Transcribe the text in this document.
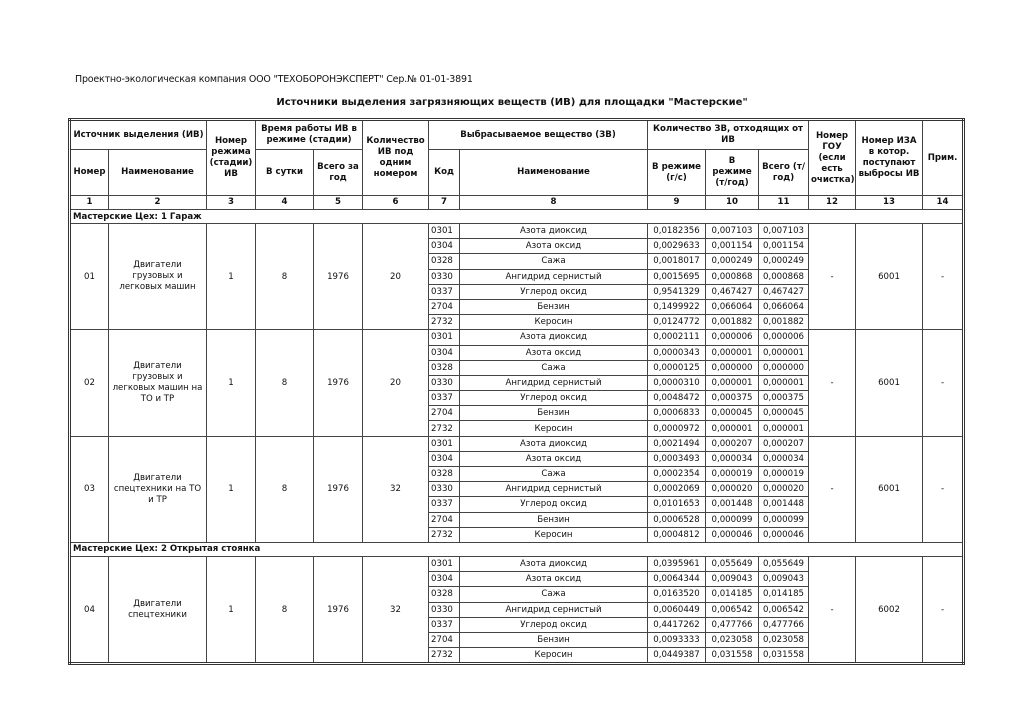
Проектно-экологическая компания ООО "ТЕХОБОРОНЭКСПЕРТ" Сер.№ 01-01-3891
Источники выделения загрязняющих веществ (ИВ) для площадки "Мастерские"
Источник выделения (ИВ)		Номер режима (стадии) ИВ	Время работы ИВ в режиме (стадии)		Количество ИВ под одним номером	Выбрасываемое вещество (ЗВ)		Количество ЗВ, отходящих от ИВ			Номер ГОУ (если есть очистка)	Номер ИЗА в котор. поступают выбросы ИВ	Прим.
Номер	Наименование		В сутки	Всего за год		Код	Наименование	В режиме (г/с)	В режиме (т/год)	Всего (т/год)			
1	2	3	4	5	6	7	8	9	10	11	12	13	14
Мастерские Цех: 1 Гараж													
01	Двигатели грузовых и легковых машин	1	8	1976	20	0301	Азота диоксид	0,0182356	0,007103	0,007103	-	6001	-
						0304	Азота оксид	0,0029633	0,001154	0,001154			
						0328	Сажа	0,0018017	0,000249	0,000249			
						0330	Ангидрид сернистый	0,0015695	0,000868	0,000868			
						0337	Углерод оксид	0,9541329	0,467427	0,467427			
						2704	Бензин	0,1499922	0,066064	0,066064			
						2732	Керосин	0,0124772	0,001882	0,001882			
02	Двигатели грузовых и легковых машин на ТО и ТР	1	8	1976	20	0301	Азота диоксид	0,0002111	0,000006	0,000006	-	6001	-
						0304	Азота оксид	0,0000343	0,000001	0,000001			
						0328	Сажа	0,0000125	0,000000	0,000000			
						0330	Ангидрид сернистый	0,0000310	0,000001	0,000001			
						0337	Углерод оксид	0,0048472	0,000375	0,000375			
						2704	Бензин	0,0006833	0,000045	0,000045			
						2732	Керосин	0,0000972	0,000001	0,000001			
03	Двигатели спецтехники на ТО и ТР	1	8	1976	32	0301	Азота диоксид	0,0021494	0,000207	0,000207	-	6001	-
						0304	Азота оксид	0,0003493	0,000034	0,000034			
						0328	Сажа	0,0002354	0,000019	0,000019			
						0330	Ангидрид сернистый	0,0002069	0,000020	0,000020			
						0337	Углерод оксид	0,0101653	0,001448	0,001448			
						2704	Бензин	0,0006528	0,000099	0,000099			
						2732	Керосин	0,0004812	0,000046	0,000046			
Мастерские Цех: 2 Открытая стоянка													
04	Двигатели спецтехники	1	8	1976	32	0301	Азота диоксид	0,0395961	0,055649	0,055649	-	6002	-
						0304	Азота оксид	0,0064344	0,009043	0,009043			
						0328	Сажа	0,0163520	0,014185	0,014185			
						0330	Ангидрид сернистый	0,0060449	0,006542	0,006542			
						0337	Углерод оксид	0,4417262	0,477766	0,477766			
						2704	Бензин	0,0093333	0,023058	0,023058			
						2732	Керосин	0,0449387	0,031558	0,031558			
